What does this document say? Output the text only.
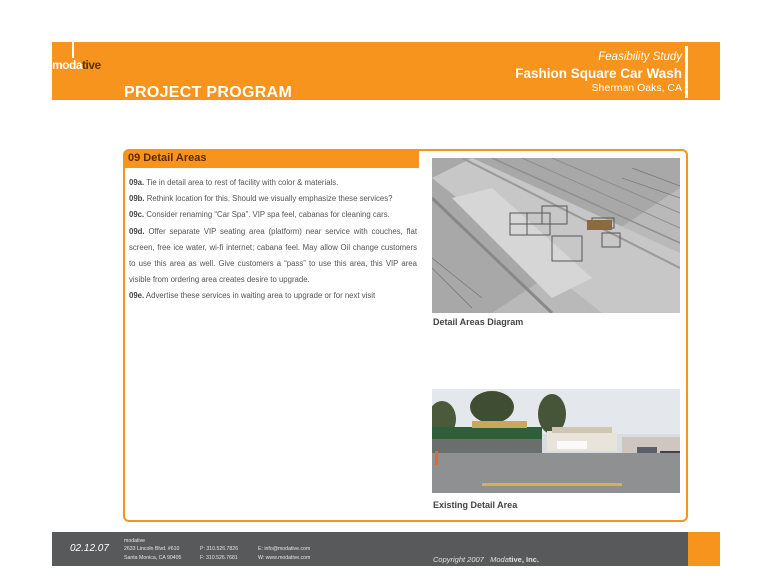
modative
PROJECT PROGRAM
Feasibility Study
Fashion Square Car Wash
Sherman Oaks, CA
09 Detail Areas

09a. Tie in detail area to rest of facility with color & materials.

09b. Rethink location for this. Should we visually emphasize these services?

09c. Consider renaming “Car Spa”. VIP spa feel, cabanas for cleaning cars.

09d. Offer separate VIP seating area (platform) near service with couches, flat screen, free ice water, wi-fi internet; cabana feel. May allow Oil change customers to use this area as well. Give customers a “pass” to use this area, this VIP area visible from ordering area creates desire to upgrade.

09e. Advertise these services in waiting area to upgrade or for next visit

Detail Areas Diagram
Existing Detail Area
02.12.07
modative
2633 Lincoln Blvd. #610
Santa Monica, CA 90405
P: 310.526.7826
F: 310.526.7681
E: info@modative.com
W: www.modative.com	Copyright 2007 Modative, Inc.
